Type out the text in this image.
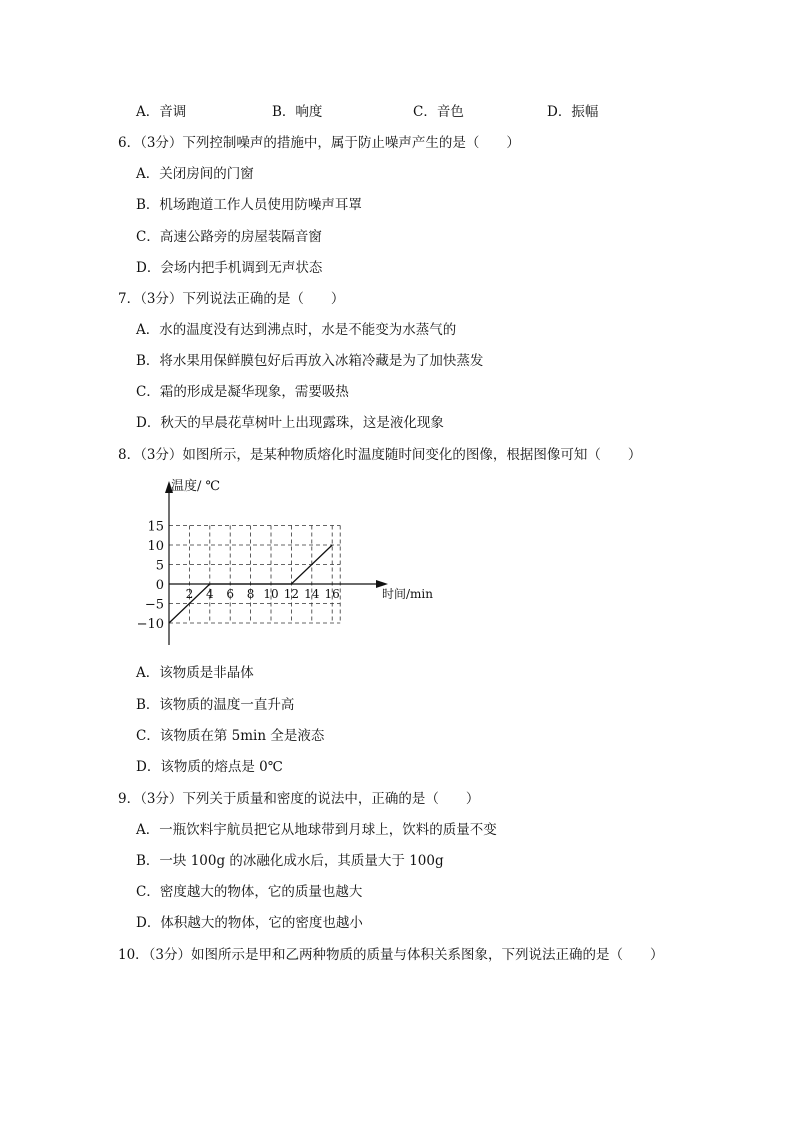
A．音调	B．响度	C．音色	D．振幅
6．（3分）下列控制噪声的措施中，属于防止噪声产生的是（　　）
A．关闭房间的门窗
B．机场跑道工作人员使用防噪声耳罩
C．高速公路旁的房屋装隔音窗
D．会场内把手机调到无声状态
7．（3分）下列说法正确的是（　　）
A．水的温度没有达到沸点时，水是不能变为水蒸气的
B．将水果用保鲜膜包好后再放入冰箱冷藏是为了加快蒸发
C．霜的形成是凝华现象，需要吸热
D．秋天的早晨花草树叶上出现露珠，这是液化现象
8．（3分）如图所示，是某种物质熔化时温度随时间变化的图像，根据图像可知（　　）
15
10
5
0
−5
−10
2 4 6 8 10 12 14 16
温度/ ℃
时间/min
A．该物质是非晶体
B．该物质的温度一直升高
C．该物质在第 5min 全是液态
D．该物质的熔点是 0℃
9．（3分）下列关于质量和密度的说法中，正确的是（　　）
A．一瓶饮料宇航员把它从地球带到月球上，饮料的质量不变
B．一块 100g 的冰融化成水后，其质量大于 100g
C．密度越大的物体，它的质量也越大
D．体积越大的物体，它的密度也越小
10．（3分）如图所示是甲和乙两种物质的质量与体积关系图象，下列说法正确的是（　　）
